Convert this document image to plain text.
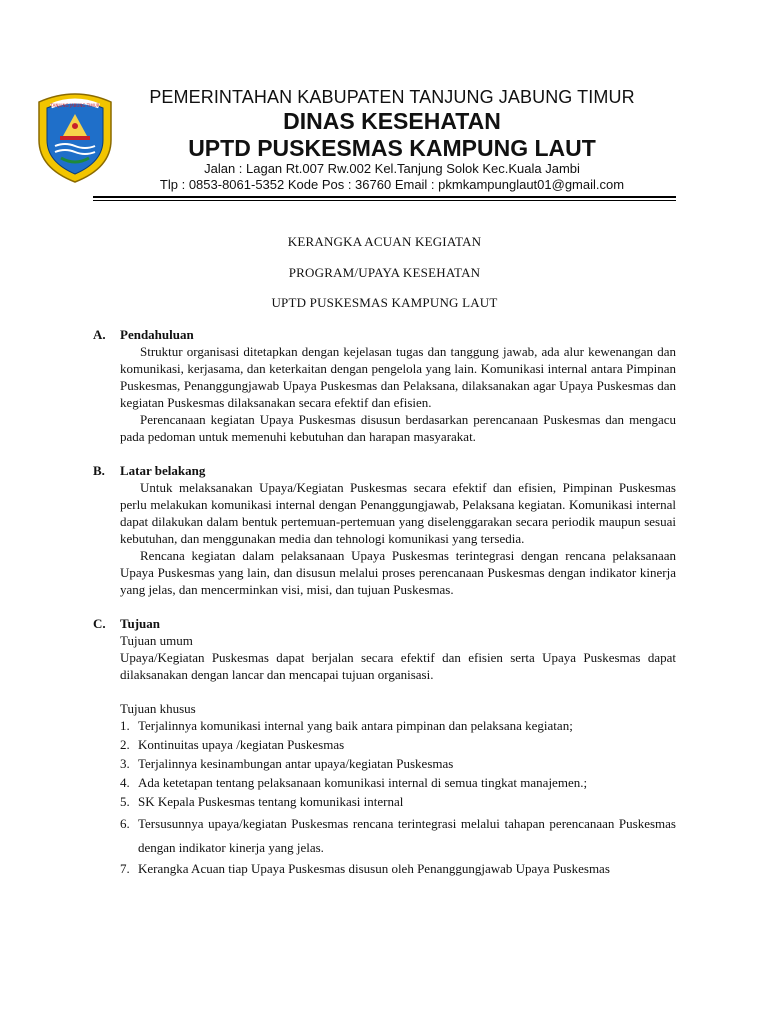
TANJUNG JABUNG TIMUR	PEMERINTAHAN KABUPATEN TANJUNG JABUNG TIMUR
DINAS KESEHATAN
UPTD PUSKESMAS KAMPUNG LAUT
Jalan : Lagan Rt.007 Rw.002 Kel.Tanjung Solok Kec.Kuala Jambi
Tlp : 0853-8061-5352 Kode Pos : 36760 Email : pkmkampunglaut01@gmail.com
KERANGKA ACUAN KEGIATAN
PROGRAM/UPAYA KESEHATAN
UPTD PUSKESMAS KAMPUNG LAUT
A.	Pendahuluan

Struktur organisasi ditetapkan dengan kejelasan tugas dan tanggung jawab, ada alur kewenangan dan komunikasi, kerjasama, dan keterkaitan dengan pengelola yang lain. Komunikasi internal antara Pimpinan Puskesmas, Penanggungjawab Upaya Puskesmas dan Pelaksana, dilaksanakan agar Upaya Puskesmas dan kegiatan Puskesmas dilaksanakan secara efektif dan efisien.

Perencanaan kegiatan Upaya Puskesmas disusun berdasarkan perencanaan Puskesmas dan mengacu pada pedoman untuk memenuhi kebutuhan dan harapan masyarakat.

B.	Latar belakang

Untuk melaksanakan Upaya/Kegiatan Puskesmas secara efektif dan efisien, Pimpinan Puskesmas perlu melakukan komunikasi internal dengan Penanggungjawab, Pelaksana kegiatan. Komunikasi internal dapat dilakukan dalam bentuk pertemuan-pertemuan yang diselenggarakan secara periodik maupun sesuai kebutuhan, dan menggunakan media dan tehnologi komunikasi yang tersedia.

Rencana kegiatan dalam pelaksanaan Upaya Puskesmas terintegrasi dengan rencana pelaksanaan Upaya Puskesmas yang lain, dan disusun melalui proses perencanaan Puskesmas dengan indikator kinerja yang jelas, dan mencerminkan visi, misi, dan tujuan Puskesmas.

C.	Tujuan

Tujuan umum

Upaya/Kegiatan Puskesmas dapat berjalan secara efektif dan efisien serta Upaya Puskesmas dapat dilaksanakan dengan lancar dan mencapai tujuan organisasi.

Tujuan khusus

1. Terjalinnya komunikasi internal yang baik antara pimpinan dan pelaksana kegiatan;
2. Kontinuitas upaya /kegiatan Puskesmas
3. Terjalinnya kesinambungan antar upaya/kegiatan Puskesmas
4. Ada ketetapan tentang pelaksanaan komunikasi internal di semua tingkat manajemen.;
5. SK Kepala Puskesmas tentang komunikasi internal
6. Tersusunnya upaya/kegiatan Puskesmas rencana terintegrasi melalui tahapan perencanaan Puskesmas dengan indikator kinerja yang jelas.
7. Kerangka Acuan tiap Upaya Puskesmas disusun oleh Penanggungjawab Upaya Puskesmas
